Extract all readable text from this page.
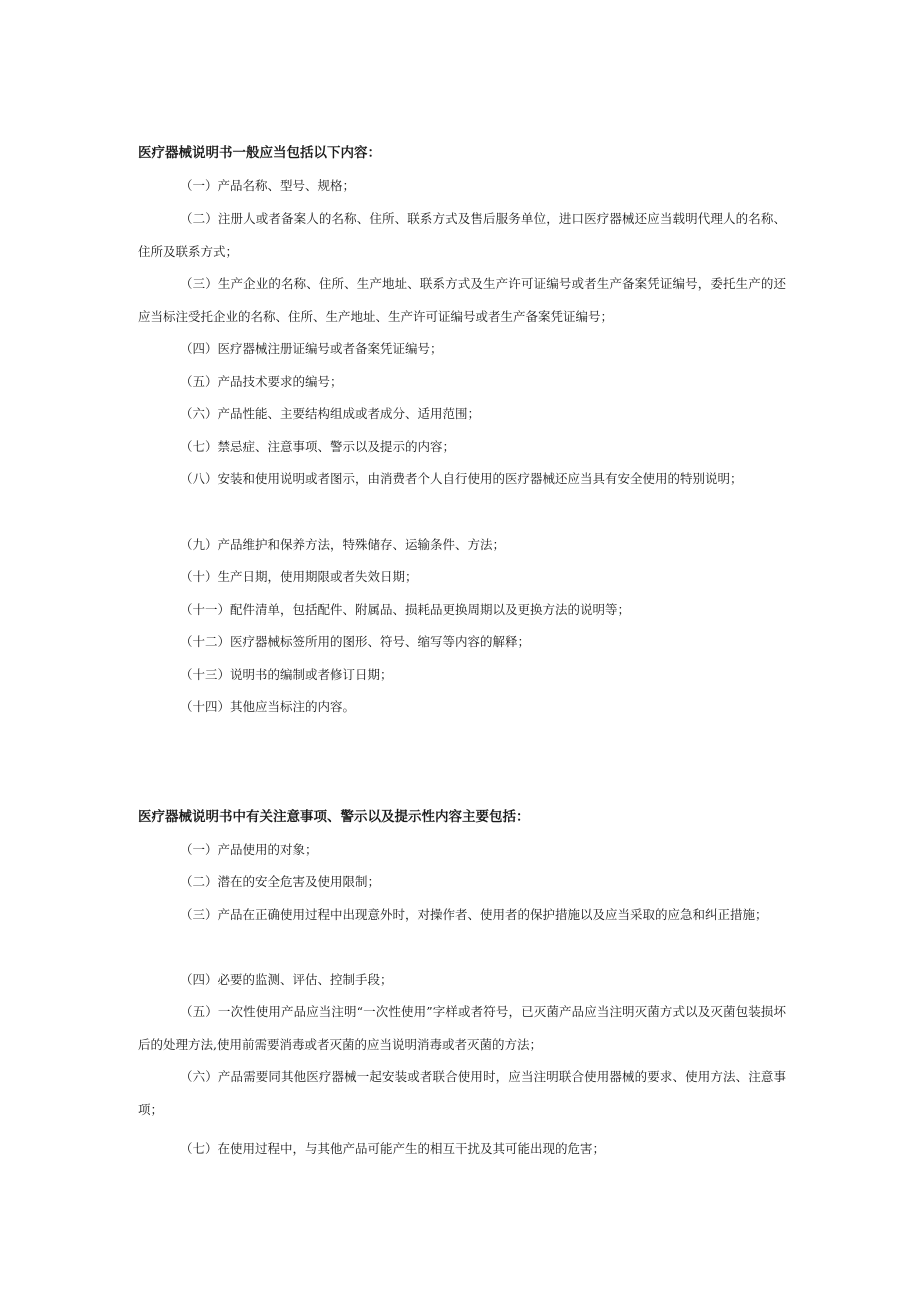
医疗器械说明书一般应当包括以下内容：
（一）产品名称、型号、规格；
（二）注册人或者备案人的名称、住所、联系方式及售后服务单位，进口医疗器械还应当载明代理人的名称、住所及联系方式；
（三）生产企业的名称、住所、生产地址、联系方式及生产许可证编号或者生产备案凭证编号，委托生产的还应当标注受托企业的名称、住所、生产地址、生产许可证编号或者生产备案凭证编号；
（四）医疗器械注册证编号或者备案凭证编号；
（五）产品技术要求的编号；
（六）产品性能、主要结构组成或者成分、适用范围；
（七）禁忌症、注意事项、警示以及提示的内容；
（八）安装和使用说明或者图示，由消费者个人自行使用的医疗器械还应当具有安全使用的特别说明；
（九）产品维护和保养方法，特殊储存、运输条件、方法；
（十）生产日期，使用期限或者失效日期；
（十一）配件清单，包括配件、附属品、损耗品更换周期以及更换方法的说明等；
（十二）医疗器械标签所用的图形、符号、缩写等内容的解释；
（十三）说明书的编制或者修订日期；
（十四）其他应当标注的内容。
医疗器械说明书中有关注意事项、警示以及提示性内容主要包括：
（一）产品使用的对象；
（二）潜在的安全危害及使用限制；
（三）产品在正确使用过程中出现意外时，对操作者、使用者的保护措施以及应当采取的应急和纠正措施；
（四）必要的监测、评估、控制手段；
（五）一次性使用产品应当注明“一次性使用”字样或者符号，已灭菌产品应当注明灭菌方式以及灭菌包装损坏后的处理方法,使用前需要消毒或者灭菌的应当说明消毒或者灭菌的方法；
（六）产品需要同其他医疗器械一起安装或者联合使用时，应当注明联合使用器械的要求、使用方法、注意事项；
（七）在使用过程中，与其他产品可能产生的相互干扰及其可能出现的危害；
